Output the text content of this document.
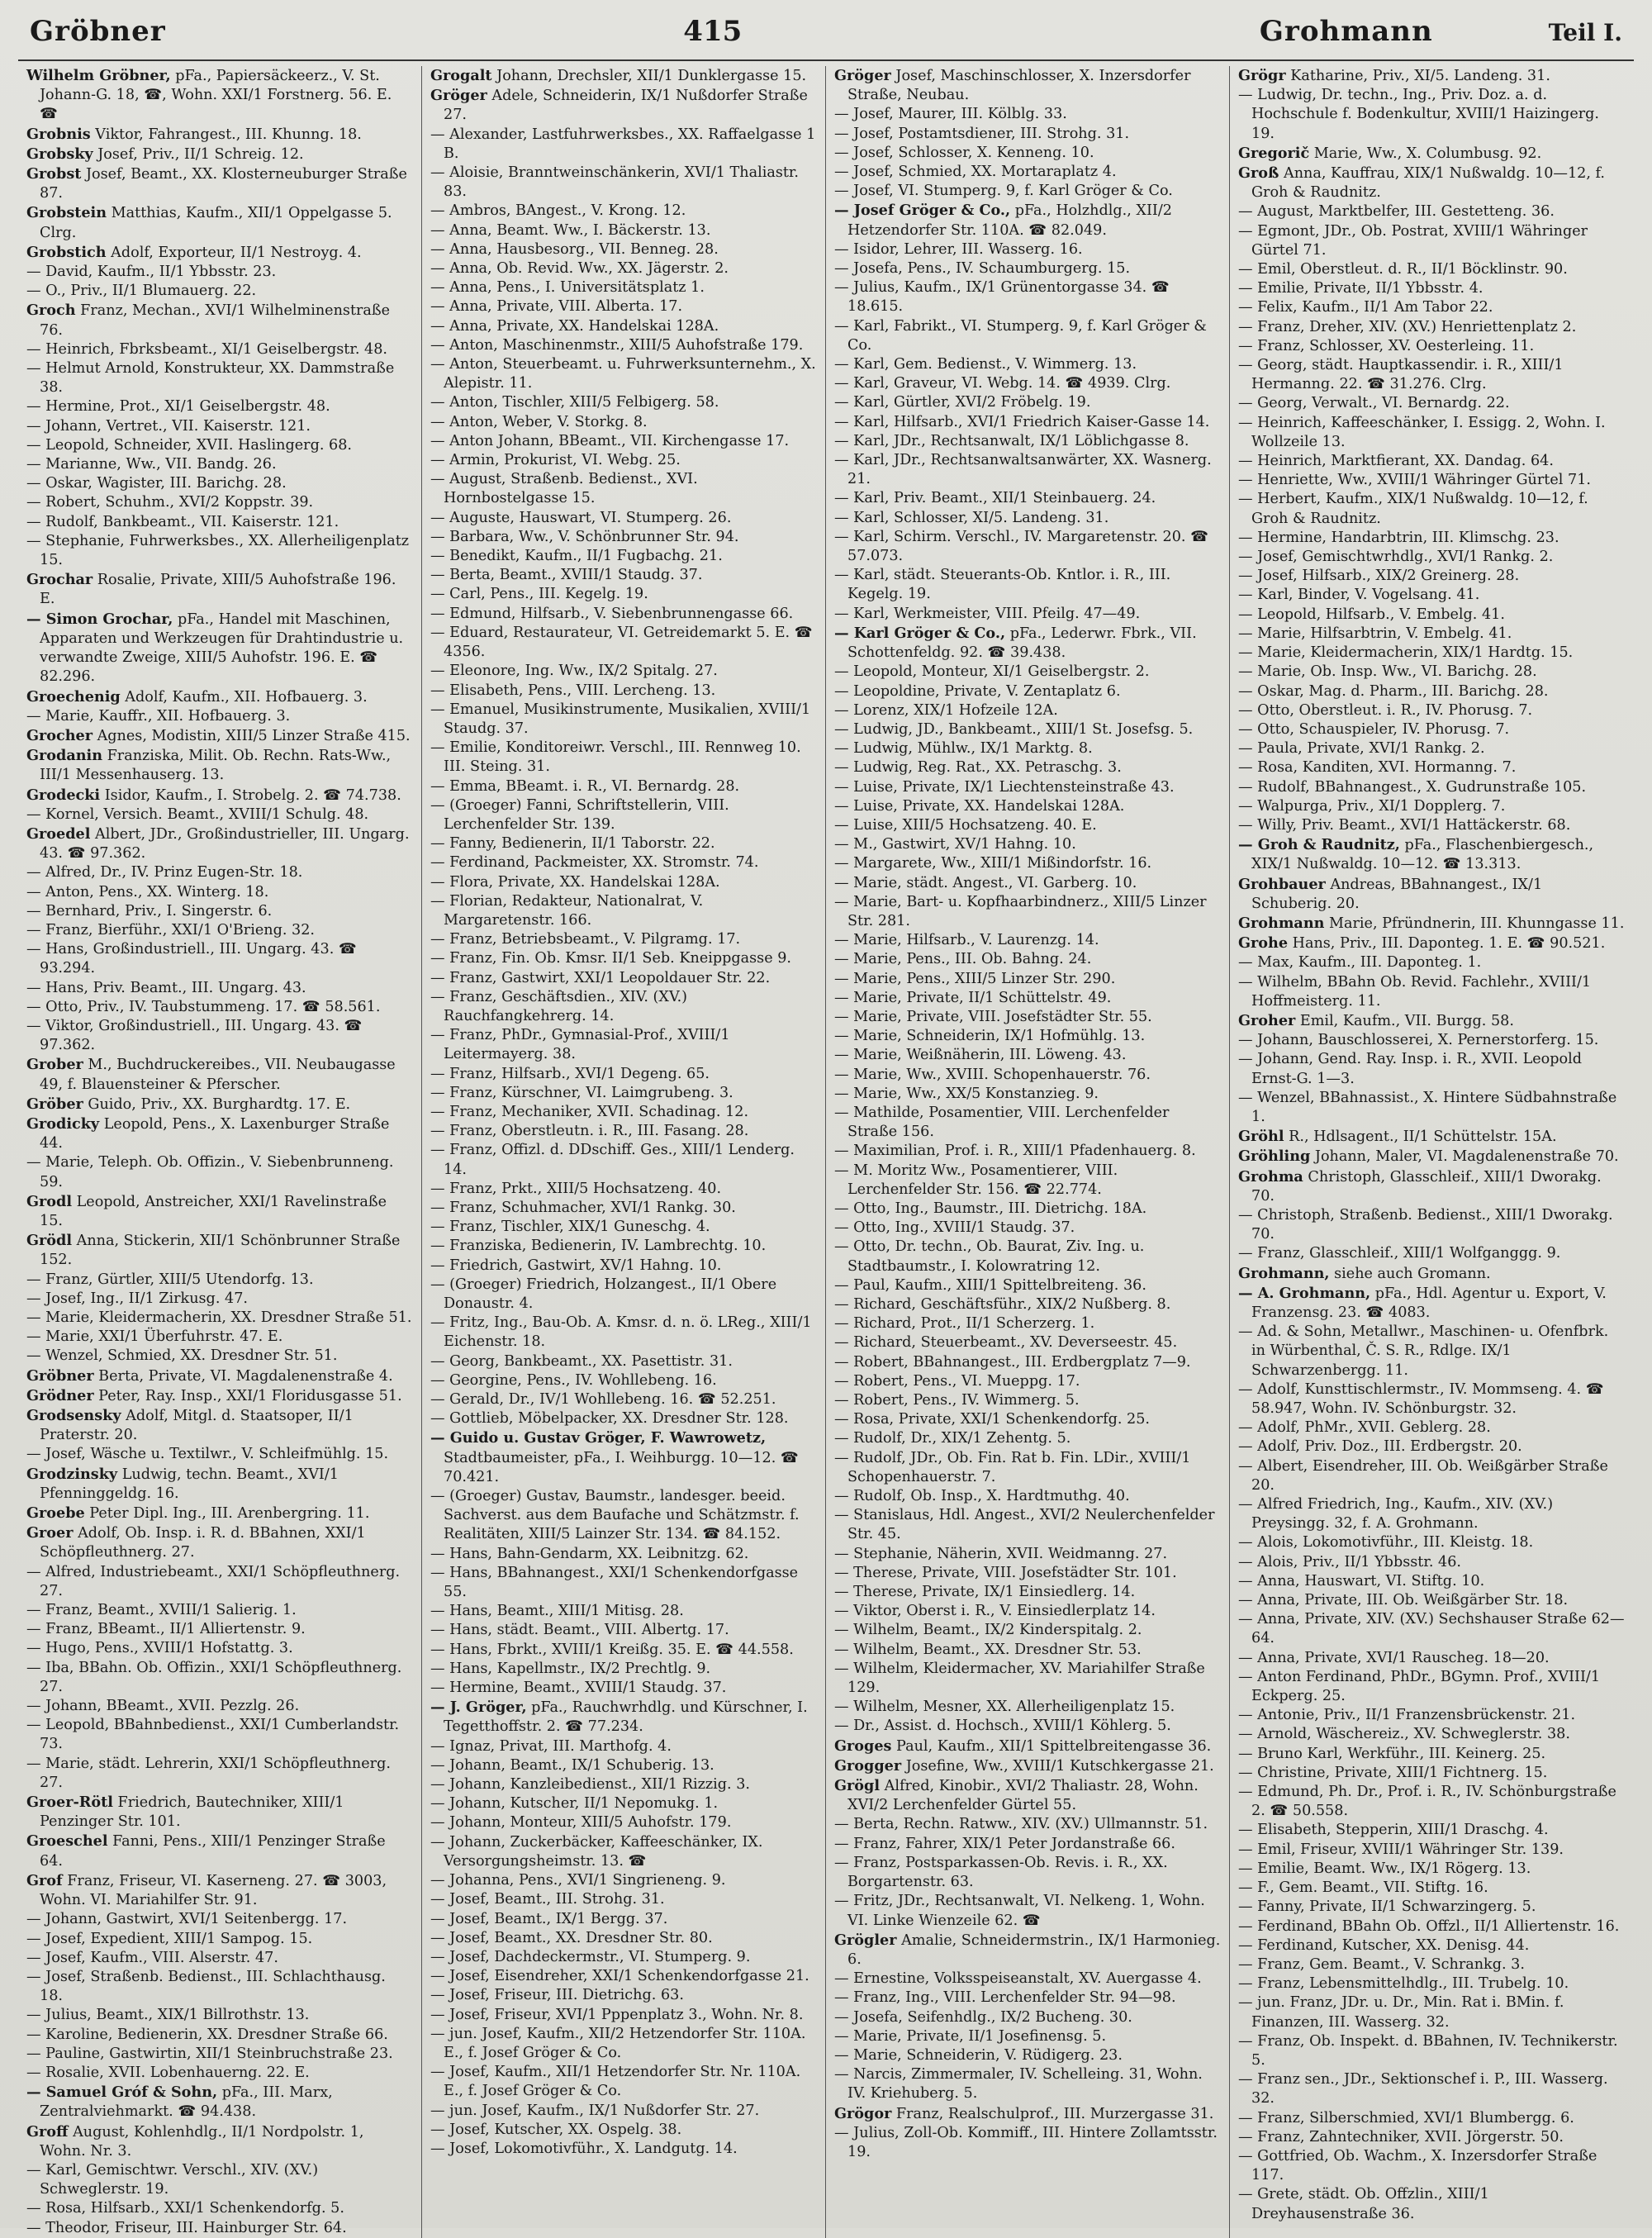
Gröbner	415	Grohmann	Teil I.
Wilhelm Gröbner, pFa., Papiersäckeerz., V. St. Johann-G. 18, ☎, Wohn. XXI/1 Forstnerg. 56. E. ☎
Grobnis Viktor, Fahrangest., III. Khunng. 18.
Grobsky Josef, Priv., II/1 Schreig. 12.
Grobst Josef, Beamt., XX. Klosterneuburger Straße 87.
Grobstein Matthias, Kaufm., XII/1 Oppelgasse 5. Clrg.
Grobstich Adolf, Exporteur, II/1 Nestroyg. 4.
— David, Kaufm., II/1 Ybbsstr. 23.
— O., Priv., II/1 Blumauerg. 22.
Groch Franz, Mechan., XVI/1 Wilhelminenstraße 76.
— Heinrich, Fbrksbeamt., XI/1 Geiselbergstr. 48.
— Helmut Arnold, Konstrukteur, XX. Dammstraße 38.
— Hermine, Prot., XI/1 Geiselbergstr. 48.
— Johann, Vertret., VII. Kaiserstr. 121.
— Leopold, Schneider, XVII. Haslingerg. 68.
— Marianne, Ww., VII. Bandg. 26.
— Oskar, Wagister, III. Barichg. 28.
— Robert, Schuhm., XVI/2 Koppstr. 39.
— Rudolf, Bankbeamt., VII. Kaiserstr. 121.
— Stephanie, Fuhrwerksbes., XX. Allerheiligenplatz 15.
Grochar Rosalie, Private, XIII/5 Auhofstraße 196. E.
— Simon Grochar, pFa., Handel mit Maschinen, Apparaten und Werkzeugen für Drahtindustrie u. verwandte Zweige, XIII/5 Auhofstr. 196. E. ☎ 82.296.
Groechenig Adolf, Kaufm., XII. Hofbauerg. 3.
— Marie, Kauffr., XII. Hofbauerg. 3.
Grocher Agnes, Modistin, XIII/5 Linzer Straße 415.
Grodanin Franziska, Milit. Ob. Rechn. Rats-Ww., III/1 Messenhauserg. 13.
Grodecki Isidor, Kaufm., I. Strobelg. 2. ☎ 74.738.
— Kornel, Versich. Beamt., XVIII/1 Schulg. 48.
Groedel Albert, JDr., Großindustrieller, III. Ungarg. 43. ☎ 97.362.
— Alfred, Dr., IV. Prinz Eugen-Str. 18.
— Anton, Pens., XX. Winterg. 18.
— Bernhard, Priv., I. Singerstr. 6.
— Franz, Bierführ., XXI/1 O'Brieng. 32.
— Hans, Großindustriell., III. Ungarg. 43. ☎ 93.294.
— Hans, Priv. Beamt., III. Ungarg. 43.
— Otto, Priv., IV. Taubstummeng. 17. ☎ 58.561.
— Viktor, Großindustriell., III. Ungarg. 43. ☎ 97.362.
Grober M., Buchdruckereibes., VII. Neubaugasse 49, f. Blauensteiner & Pferscher.
Gröber Guido, Priv., XX. Burghardtg. 17. E.
Grodicky Leopold, Pens., X. Laxenburger Straße 44.
— Marie, Teleph. Ob. Offizin., V. Siebenbrunneng. 59.
Grodl Leopold, Anstreicher, XXI/1 Ravelinstraße 15.
Grödl Anna, Stickerin, XII/1 Schönbrunner Straße 152.
— Franz, Gürtler, XIII/5 Utendorfg. 13.
— Josef, Ing., II/1 Zirkusg. 47.
— Marie, Kleidermacherin, XX. Dresdner Straße 51.
— Marie, XXI/1 Überfuhrstr. 47. E.
— Wenzel, Schmied, XX. Dresdner Str. 51.
Gröbner Berta, Private, VI. Magdalenenstraße 4.
Grödner Peter, Ray. Insp., XXI/1 Floridusgasse 51.
Grodsensky Adolf, Mitgl. d. Staatsoper, II/1 Praterstr. 20.
— Josef, Wäsche u. Textilwr., V. Schleifmühlg. 15.
Grodzinsky Ludwig, techn. Beamt., XVI/1 Pfenninggeldg. 16.
Groebe Peter Dipl. Ing., III. Arenbergring. 11.
Groer Adolf, Ob. Insp. i. R. d. BBahnen, XXI/1 Schöpfleuthnerg. 27.
— Alfred, Industriebeamt., XXI/1 Schöpfleuthnerg. 27.
— Franz, Beamt., XVIII/1 Salierig. 1.
— Franz, BBeamt., II/1 Alliertenstr. 9.
— Hugo, Pens., XVIII/1 Hofstattg. 3.
— Iba, BBahn. Ob. Offizin., XXI/1 Schöpfleuthnerg. 27.
— Johann, BBeamt., XVII. Pezzlg. 26.
— Leopold, BBahnbedienst., XXI/1 Cumberlandstr. 73.
— Marie, städt. Lehrerin, XXI/1 Schöpfleuthnerg. 27.
Groer-Rötl Friedrich, Bautechniker, XIII/1 Penzinger Str. 101.
Groeschel Fanni, Pens., XIII/1 Penzinger Straße 64.
Grof Franz, Friseur, VI. Kaserneng. 27. ☎ 3003, Wohn. VI. Mariahilfer Str. 91.
— Johann, Gastwirt, XVI/1 Seitenbergg. 17.
— Josef, Expedient, XIII/1 Sampog. 15.
— Josef, Kaufm., VIII. Alserstr. 47.
— Josef, Straßenb. Bedienst., III. Schlachthausg. 18.
— Julius, Beamt., XIX/1 Billrothstr. 13.
— Karoline, Bedienerin, XX. Dresdner Straße 66.
— Pauline, Gastwirtin, XII/1 Steinbruchstraße 23.
— Rosalie, XVII. Lobenhauerng. 22. E.
— Samuel Gróf & Sohn, pFa., III. Marx, Zentralviehmarkt. ☎ 94.438.
Groff August, Kohlenhdlg., II/1 Nordpolstr. 1, Wohn. Nr. 3.
— Karl, Gemischtwr. Verschl., XIV. (XV.) Schweglerstr. 19.
— Rosa, Hilfsarb., XXI/1 Schenkendorfg. 5.
— Theodor, Friseur, III. Hainburger Str. 64.
Grogalt Johann, Drechsler, XII/1 Dunklergasse 15.
Gröger Adele, Schneiderin, IX/1 Nußdorfer Straße 27.
— Alexander, Lastfuhrwerksbes., XX. Raffaelgasse 1 B.
— Aloisie, Branntweinschänkerin, XVI/1 Thaliastr. 83.
— Ambros, BAngest., V. Krong. 12.
— Anna, Beamt. Ww., I. Bäckerstr. 13.
— Anna, Hausbesorg., VII. Benneg. 28.
— Anna, Ob. Revid. Ww., XX. Jägerstr. 2.
— Anna, Pens., I. Universitätsplatz 1.
— Anna, Private, VIII. Alberta. 17.
— Anna, Private, XX. Handelskai 128A.
— Anton, Maschinenmstr., XIII/5 Auhofstraße 179.
— Anton, Steuerbeamt. u. Fuhrwerksunternehm., X. Alepistr. 11.
— Anton, Tischler, XIII/5 Felbigerg. 58.
— Anton, Weber, V. Storkg. 8.
— Anton Johann, BBeamt., VII. Kirchengasse 17.
— Armin, Prokurist, VI. Webg. 25.
— August, Straßenb. Bedienst., XVI. Hornbostelgasse 15.
— Auguste, Hauswart, VI. Stumperg. 26.
— Barbara, Ww., V. Schönbrunner Str. 94.
— Benedikt, Kaufm., II/1 Fugbachg. 21.
— Berta, Beamt., XVIII/1 Staudg. 37.
— Carl, Pens., III. Kegelg. 19.
— Edmund, Hilfsarb., V. Siebenbrunnengasse 66.
— Eduard, Restaurateur, VI. Getreidemarkt 5. E. ☎ 4356.
— Eleonore, Ing. Ww., IX/2 Spitalg. 27.
— Elisabeth, Pens., VIII. Lercheng. 13.
— Emanuel, Musikinstrumente, Musikalien, XVIII/1 Staudg. 37.
— Emilie, Konditoreiwr. Verschl., III. Rennweg 10. III. Steing. 31.
— Emma, BBeamt. i. R., VI. Bernardg. 28.
— (Groeger) Fanni, Schriftstellerin, VIII. Lerchenfelder Str. 139.
— Fanny, Bedienerin, II/1 Taborstr. 22.
— Ferdinand, Packmeister, XX. Stromstr. 74.
— Flora, Private, XX. Handelskai 128A.
— Florian, Redakteur, Nationalrat, V. Margaretenstr. 166.
— Franz, Betriebsbeamt., V. Pilgramg. 17.
— Franz, Fin. Ob. Kmsr. II/1 Seb. Kneippgasse 9.
— Franz, Gastwirt, XXI/1 Leopoldauer Str. 22.
— Franz, Geschäftsdien., XIV. (XV.) Rauchfangkehrerg. 14.
— Franz, PhDr., Gymnasial-Prof., XVIII/1 Leitermayerg. 38.
— Franz, Hilfsarb., XVI/1 Degeng. 65.
— Franz, Kürschner, VI. Laimgrubeng. 3.
— Franz, Mechaniker, XVII. Schadinag. 12.
— Franz, Oberstleutn. i. R., III. Fasang. 28.
— Franz, Offizl. d. DDschiff. Ges., XIII/1 Lenderg. 14.
— Franz, Prkt., XIII/5 Hochsatzeng. 40.
— Franz, Schuhmacher, XVI/1 Rankg. 30.
— Franz, Tischler, XIX/1 Guneschg. 4.
— Franziska, Bedienerin, IV. Lambrechtg. 10.
— Friedrich, Gastwirt, XV/1 Hahng. 10.
— (Groeger) Friedrich, Holzangest., II/1 Obere Donaustr. 4.
— Fritz, Ing., Bau-Ob. A. Kmsr. d. n. ö. LReg., XIII/1 Eichenstr. 18.
— Georg, Bankbeamt., XX. Pasettistr. 31.
— Georgine, Pens., IV. Wohllebeng. 16.
— Gerald, Dr., IV/1 Wohllebeng. 16. ☎ 52.251.
— Gottlieb, Möbelpacker, XX. Dresdner Str. 128.
— Guido u. Gustav Gröger, F. Wawrowetz, Stadtbaumeister, pFa., I. Weihburgg. 10—12. ☎ 70.421.
— (Groeger) Gustav, Baumstr., landesger. beeid. Sachverst. aus dem Baufache und Schätzmstr. f. Realitäten, XIII/5 Lainzer Str. 134. ☎ 84.152.
— Hans, Bahn-Gendarm, XX. Leibnitzg. 62.
— Hans, BBahnangest., XXI/1 Schenkendorfgasse 55.
— Hans, Beamt., XIII/1 Mitisg. 28.
— Hans, städt. Beamt., VIII. Albertg. 17.
— Hans, Fbrkt., XVIII/1 Kreißg. 35. E. ☎ 44.558.
— Hans, Kapellmstr., IX/2 Prechtlg. 9.
— Hermine, Beamt., XVIII/1 Staudg. 37.
— J. Gröger, pFa., Rauchwrhdlg. und Kürschner, I. Tegetthoffstr. 2. ☎ 77.234.
— Ignaz, Privat, III. Marthofg. 4.
— Johann, Beamt., IX/1 Schuberig. 13.
— Johann, Kanzleibedienst., XII/1 Rizzig. 3.
— Johann, Kutscher, II/1 Nepomukg. 1.
— Johann, Monteur, XIII/5 Auhofstr. 179.
— Johann, Zuckerbäcker, Kaffeeschänker, IX. Versorgungsheimstr. 13. ☎
— Johanna, Pens., XVI/1 Singrieneng. 9.
— Josef, Beamt., III. Strohg. 31.
— Josef, Beamt., IX/1 Bergg. 37.
— Josef, Beamt., XX. Dresdner Str. 80.
— Josef, Dachdeckermstr., VI. Stumperg. 9.
— Josef, Eisendreher, XXI/1 Schenkendorfgasse 21.
— Josef, Friseur, III. Dietrichg. 63.
— Josef, Friseur, XVI/1 Pppenplatz 3., Wohn. Nr. 8.
— jun. Josef, Kaufm., XII/2 Hetzendorfer Str. 110A. E., f. Josef Gröger & Co.
— Josef, Kaufm., XII/1 Hetzendorfer Str. Nr. 110A. E., f. Josef Gröger & Co.
— jun. Josef, Kaufm., IX/1 Nußdorfer Str. 27.
— Josef, Kutscher, XX. Ospelg. 38.
— Josef, Lokomotivführ., X. Landgutg. 14.
Gröger Josef, Maschinschlosser, X. Inzersdorfer Straße, Neubau.
— Josef, Maurer, III. Kölblg. 33.
— Josef, Postamtsdiener, III. Strohg. 31.
— Josef, Schlosser, X. Kenneng. 10.
— Josef, Schmied, XX. Mortaraplatz 4.
— Josef, VI. Stumperg. 9, f. Karl Gröger & Co.
— Josef Gröger & Co., pFa., Holzhdlg., XII/2 Hetzendorfer Str. 110A. ☎ 82.049.
— Isidor, Lehrer, III. Wasserg. 16.
— Josefa, Pens., IV. Schaumburgerg. 15.
— Julius, Kaufm., IX/1 Grünentorgasse 34. ☎ 18.615.
— Karl, Fabrikt., VI. Stumperg. 9, f. Karl Gröger & Co.
— Karl, Gem. Bedienst., V. Wimmerg. 13.
— Karl, Graveur, VI. Webg. 14. ☎ 4939. Clrg.
— Karl, Gürtler, XVI/2 Fröbelg. 19.
— Karl, Hilfsarb., XVI/1 Friedrich Kaiser-Gasse 14.
— Karl, JDr., Rechtsanwalt, IX/1 Löblichgasse 8.
— Karl, JDr., Rechtsanwaltsanwärter, XX. Wasnerg. 21.
— Karl, Priv. Beamt., XII/1 Steinbauerg. 24.
— Karl, Schlosser, XI/5. Landeng. 31.
— Karl, Schirm. Verschl., IV. Margaretenstr. 20. ☎ 57.073.
— Karl, städt. Steuerants-Ob. Kntlor. i. R., III. Kegelg. 19.
— Karl, Werkmeister, VIII. Pfeilg. 47—49.
— Karl Gröger & Co., pFa., Lederwr. Fbrk., VII. Schottenfeldg. 92. ☎ 39.438.
— Leopold, Monteur, XI/1 Geiselbergstr. 2.
— Leopoldine, Private, V. Zentaplatz 6.
— Lorenz, XIX/1 Hofzeile 12A.
— Ludwig, JD., Bankbeamt., XIII/1 St. Josefsg. 5.
— Ludwig, Mühlw., IX/1 Marktg. 8.
— Ludwig, Reg. Rat., XX. Petraschg. 3.
— Luise, Private, IX/1 Liechtensteinstraße 43.
— Luise, Private, XX. Handelskai 128A.
— Luise, XIII/5 Hochsatzeng. 40. E.
— M., Gastwirt, XV/1 Hahng. 10.
— Margarete, Ww., XIII/1 Mißindorfstr. 16.
— Marie, städt. Angest., VI. Garberg. 10.
— Marie, Bart- u. Kopfhaarbindnerz., XIII/5 Linzer Str. 281.
— Marie, Hilfsarb., V. Laurenzg. 14.
— Marie, Pens., III. Ob. Bahng. 24.
— Marie, Pens., XIII/5 Linzer Str. 290.
— Marie, Private, II/1 Schüttelstr. 49.
— Marie, Private, VIII. Josefstädter Str. 55.
— Marie, Schneiderin, IX/1 Hofmühlg. 13.
— Marie, Weißnäherin, III. Löweng. 43.
— Marie, Ww., XVIII. Schopenhauerstr. 76.
— Marie, Ww., XX/5 Konstanzieg. 9.
— Mathilde, Posamentier, VIII. Lerchenfelder Straße 156.
— Maximilian, Prof. i. R., XIII/1 Pfadenhauerg. 8.
— M. Moritz Ww., Posamentierer, VIII. Lerchenfelder Str. 156. ☎ 22.774.
— Otto, Ing., Baumstr., III. Dietrichg. 18A.
— Otto, Ing., XVIII/1 Staudg. 37.
— Otto, Dr. techn., Ob. Baurat, Ziv. Ing. u. Stadtbaumstr., I. Kolowratring 12.
— Paul, Kaufm., XIII/1 Spittelbreiteng. 36.
— Richard, Geschäftsführ., XIX/2 Nußberg. 8.
— Richard, Prot., II/1 Scherzerg. 1.
— Richard, Steuerbeamt., XV. Deverseestr. 45.
— Robert, BBahnangest., III. Erdbergplatz 7—9.
— Robert, Pens., VI. Mueppg. 17.
— Robert, Pens., IV. Wimmerg. 5.
— Rosa, Private, XXI/1 Schenkendorfg. 25.
— Rudolf, Dr., XIX/1 Zehentg. 5.
— Rudolf, JDr., Ob. Fin. Rat b. Fin. LDir., XVIII/1 Schopenhauerstr. 7.
— Rudolf, Ob. Insp., X. Hardtmuthg. 40.
— Stanislaus, Hdl. Angest., XVI/2 Neulerchenfelder Str. 45.
— Stephanie, Näherin, XVII. Weidmanng. 27.
— Therese, Private, VIII. Josefstädter Str. 101.
— Therese, Private, IX/1 Einsiedlerg. 14.
— Viktor, Oberst i. R., V. Einsiedlerplatz 14.
— Wilhelm, Beamt., IX/2 Kinderspitalg. 2.
— Wilhelm, Beamt., XX. Dresdner Str. 53.
— Wilhelm, Kleidermacher, XV. Mariahilfer Straße 129.
— Wilhelm, Mesner, XX. Allerheiligenplatz 15.
— Dr., Assist. d. Hochsch., XVIII/1 Köhlerg. 5.
Groges Paul, Kaufm., XII/1 Spittelbreitengasse 36.
Grogger Josefine, Ww., XVIII/1 Kutschkergasse 21.
Grögl Alfred, Kinobir., XVI/2 Thaliastr. 28, Wohn. XVI/2 Lerchenfelder Gürtel 55.
— Berta, Rechn. Ratww., XIV. (XV.) Ullmannstr. 51.
— Franz, Fahrer, XIX/1 Peter Jordanstraße 66.
— Franz, Postsparkassen-Ob. Revis. i. R., XX. Borgartenstr. 63.
— Fritz, JDr., Rechtsanwalt, VI. Nelkeng. 1, Wohn. VI. Linke Wienzeile 62. ☎
Grögler Amalie, Schneidermstrin., IX/1 Harmonieg. 6.
— Ernestine, Volksspeiseanstalt, XV. Auergasse 4.
— Franz, Ing., VIII. Lerchenfelder Str. 94—98.
— Josefa, Seifenhdlg., IX/2 Bucheng. 30.
— Marie, Private, II/1 Josefinensg. 5.
— Marie, Schneiderin, V. Rüdigerg. 23.
— Narcis, Zimmermaler, IV. Schelleing. 31, Wohn. IV. Kriehuberg. 5.
Grögor Franz, Realschulprof., III. Murzergasse 31.
— Julius, Zoll-Ob. Kommiff., III. Hintere Zollamtsstr. 19.
Grögr Katharine, Priv., XI/5. Landeng. 31.
— Ludwig, Dr. techn., Ing., Priv. Doz. a. d. Hochschule f. Bodenkultur, XVIII/1 Haizingerg. 19.
Gregorič Marie, Ww., X. Columbusg. 92.
Groß Anna, Kauffrau, XIX/1 Nußwaldg. 10—12, f. Groh & Raudnitz.
— August, Marktbelfer, III. Gestetteng. 36.
— Egmont, JDr., Ob. Postrat, XVIII/1 Währinger Gürtel 71.
— Emil, Oberstleut. d. R., II/1 Böcklinstr. 90.
— Emilie, Private, II/1 Ybbsstr. 4.
— Felix, Kaufm., II/1 Am Tabor 22.
— Franz, Dreher, XIV. (XV.) Henriettenplatz 2.
— Franz, Schlosser, XV. Oesterleing. 11.
— Georg, städt. Hauptkassendir. i. R., XIII/1 Hermanng. 22. ☎ 31.276. Clrg.
— Georg, Verwalt., VI. Bernardg. 22.
— Heinrich, Kaffeeschänker, I. Essigg. 2, Wohn. I. Wollzeile 13.
— Heinrich, Marktfierant, XX. Dandag. 64.
— Henriette, Ww., XVIII/1 Währinger Gürtel 71.
— Herbert, Kaufm., XIX/1 Nußwaldg. 10—12, f. Groh & Raudnitz.
— Hermine, Handarbtrin, III. Klimschg. 23.
— Josef, Gemischtwrhdlg., XVI/1 Rankg. 2.
— Josef, Hilfsarb., XIX/2 Greinerg. 28.
— Karl, Binder, V. Vogelsang. 41.
— Leopold, Hilfsarb., V. Embelg. 41.
— Marie, Hilfsarbtrin, V. Embelg. 41.
— Marie, Kleidermacherin, XIX/1 Hardtg. 15.
— Marie, Ob. Insp. Ww., VI. Barichg. 28.
— Oskar, Mag. d. Pharm., III. Barichg. 28.
— Otto, Oberstleut. i. R., IV. Phorusg. 7.
— Otto, Schauspieler, IV. Phorusg. 7.
— Paula, Private, XVI/1 Rankg. 2.
— Rosa, Kanditen, XVI. Hormanng. 7.
— Rudolf, BBahnangest., X. Gudrunstraße 105.
— Walpurga, Priv., XI/1 Dopplerg. 7.
— Willy, Priv. Beamt., XVI/1 Hattäckerstr. 68.
— Groh & Raudnitz, pFa., Flaschenbiergesch., XIX/1 Nußwaldg. 10—12. ☎ 13.313.
Grohbauer Andreas, BBahnangest., IX/1 Schuberig. 20.
Grohmann Marie, Pfründnerin, III. Khunngasse 11.
Grohe Hans, Priv., III. Daponteg. 1. E. ☎ 90.521.
— Max, Kaufm., III. Daponteg. 1.
— Wilhelm, BBahn Ob. Revid. Fachlehr., XVIII/1 Hoffmeisterg. 11.
Groher Emil, Kaufm., VII. Burgg. 58.
— Johann, Bauschlosserei, X. Pernerstorferg. 15.
— Johann, Gend. Ray. Insp. i. R., XVII. Leopold Ernst-G. 1—3.
— Wenzel, BBahnassist., X. Hintere Südbahnstraße 1.
Gröhl R., Hdlsagent., II/1 Schüttelstr. 15A.
Gröhling Johann, Maler, VI. Magdalenenstraße 70.
Grohma Christoph, Glasschleif., XIII/1 Dworakg. 70.
— Christoph, Straßenb. Bedienst., XIII/1 Dworakg. 70.
— Franz, Glasschleif., XIII/1 Wolfganggg. 9.
Grohmann, siehe auch Gromann.
— A. Grohmann, pFa., Hdl. Agentur u. Export, V. Franzensg. 23. ☎ 4083.
— Ad. & Sohn, Metallwr., Maschinen- u. Ofenfbrk. in Würbenthal, Č. S. R., Rdlge. IX/1 Schwarzenbergg. 11.
— Adolf, Kunsttischlermstr., IV. Mommseng. 4. ☎ 58.947, Wohn. IV. Schönburgstr. 32.
— Adolf, PhMr., XVII. Geblerg. 28.
— Adolf, Priv. Doz., III. Erdbergstr. 20.
— Albert, Eisendreher, III. Ob. Weißgärber Straße 20.
— Alfred Friedrich, Ing., Kaufm., XIV. (XV.) Preysingg. 32, f. A. Grohmann.
— Alois, Lokomotivführ., III. Kleistg. 18.
— Alois, Priv., II/1 Ybbsstr. 46.
— Anna, Hauswart, VI. Stiftg. 10.
— Anna, Private, III. Ob. Weißgärber Str. 18.
— Anna, Private, XIV. (XV.) Sechshauser Straße 62—64.
— Anna, Private, XVI/1 Rauscheg. 18—20.
— Anton Ferdinand, PhDr., BGymn. Prof., XVIII/1 Eckperg. 25.
— Antonie, Priv., II/1 Franzensbrückenstr. 21.
— Arnold, Wäschereiz., XV. Schweglerstr. 38.
— Bruno Karl, Werkführ., III. Keinerg. 25.
— Christine, Private, XIII/1 Fichtnerg. 15.
— Edmund, Ph. Dr., Prof. i. R., IV. Schönburgstraße 2. ☎ 50.558.
— Elisabeth, Stepperin, XIII/1 Draschg. 4.
— Emil, Friseur, XVIII/1 Währinger Str. 139.
— Emilie, Beamt. Ww., IX/1 Rögerg. 13.
— F., Gem. Beamt., VII. Stiftg. 16.
— Fanny, Private, II/1 Schwarzingerg. 5.
— Ferdinand, BBahn Ob. Offzl., II/1 Alliertenstr. 16.
— Ferdinand, Kutscher, XX. Denisg. 44.
— Franz, Gem. Beamt., V. Schrankg. 3.
— Franz, Lebensmittelhdlg., III. Trubelg. 10.
— jun. Franz, JDr. u. Dr., Min. Rat i. BMin. f. Finanzen, III. Wasserg. 32.
— Franz, Ob. Inspekt. d. BBahnen, IV. Technikerstr. 5.
— Franz sen., JDr., Sektionschef i. P., III. Wasserg. 32.
— Franz, Silberschmied, XVI/1 Blumbergg. 6.
— Franz, Zahntechniker, XVII. Jörgerstr. 50.
— Gottfried, Ob. Wachm., X. Inzersdorfer Straße 117.
— Grete, städt. Ob. Offzlin., XIII/1 Dreyhausenstraße 36.
